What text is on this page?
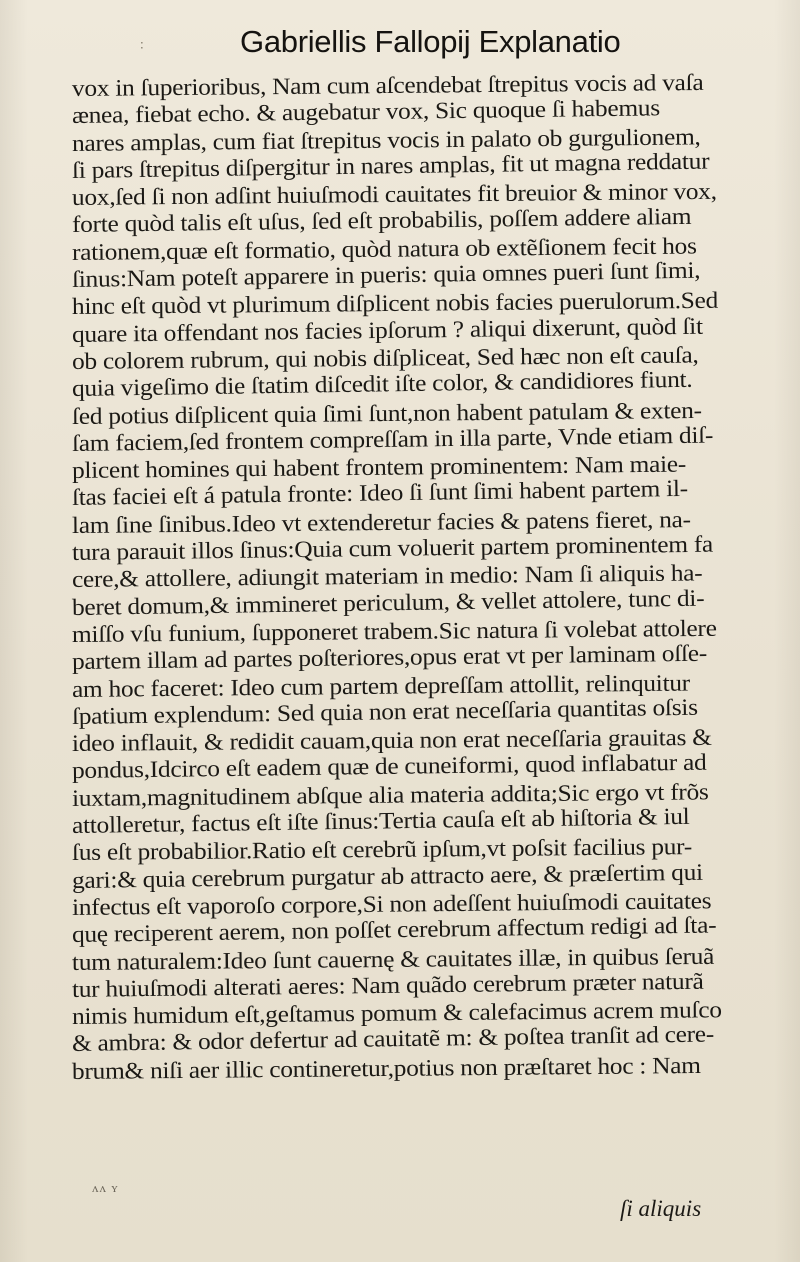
∶	Gabriellis Fallopij Explanatio
vox in ſuperioribus, Nam cum aſcendebat ſtrepitus vocis ad vaſa
ænea, fiebat echo. & augebatur vox, Sic quoque ſi habemus
nares amplas, cum fiat ſtrepitus vocis in palato ob gurgulionem,
ſi pars ſtrepitus diſpergitur in nares amplas, fit ut magna reddatur
uox,ſed ſi non adſint huiuſmodi cauitates fit breuior & minor vox,
forte quòd talis eſt uſus, ſed eſt probabilis, poſſem addere aliam
rationem,quæ eſt formatio, quòd natura ob extẽſionem fecit hos
ſinus:Nam poteſt apparere in pueris: quia omnes pueri ſunt ſimi,
hinc eſt quòd vt plurimum diſplicent nobis facies puerulorum.Sed
quare ita offendant nos facies ipſorum ? aliqui dixerunt, quòd ſit
ob colorem rubrum, qui nobis diſpliceat, Sed hæc non eſt cauſa,
quia vigeſimo die ſtatim diſcedit iſte color, & candidiores fiunt.
ſed potius diſplicent quia ſimi ſunt,non habent patulam & exten-
ſam faciem,ſed frontem compreſſam in illa parte, Vnde etiam diſ-
plicent homines qui habent frontem prominentem: Nam maie-
ſtas faciei eſt á patula fronte: Ideo ſi ſunt ſimi habent partem il-
lam ſine ſinibus.Ideo vt extenderetur facies & patens fieret, na-
tura parauit illos ſinus:Quia cum voluerit partem prominentem fa
cere,& attollere, adiungit materiam in medio: Nam ſi aliquis ha-
beret domum,& immineret periculum, & vellet attolere, tunc di-
miſſo vſu funium, ſupponeret trabem.Sic natura ſi volebat attolere
partem illam ad partes poſteriores,opus erat vt per laminam oſſe-
am hoc faceret: Ideo cum partem depreſſam attollit, relinquitur
ſpatium explendum: Sed quia non erat neceſſaria quantitas oſsis
ideo inflauit, & redidit cauam,quia non erat neceſſaria grauitas &
pondus,Idcirco eſt eadem quæ de cuneiformi, quod inflabatur ad
iuxtam,magnitudinem abſque alia materia addita;Sic ergo vt frõs
attolleretur, factus eſt iſte ſinus:Tertia cauſa eſt ab hiſtoria & iul
ſus eſt probabilior.Ratio eſt cerebrũ ipſum,vt poſsit facilius pur-
gari:& quia cerebrum purgatur ab attracto aere, & præſertim qui
infectus eſt vaporoſo corpore,Si non adeſſent huiuſmodi cauitates
quę reciperent aerem, non poſſet cerebrum affectum redigi ad ſta-
tum naturalem:Ideo ſunt cauernę & cauitates illæ, in quibus ſeruã
tur huiuſmodi alterati aeres: Nam quãdo cerebrum præter naturã
nimis humidum eſt,geſtamus pomum & calefacimus acrem muſco
& ambra: & odor defertur ad cauitatẽ m: & poſtea tranſit ad cere-
brum& niſi aer illic contineretur,potius non præſtaret hoc : Nam
ʌʌ ʏ
ſi aliquis
